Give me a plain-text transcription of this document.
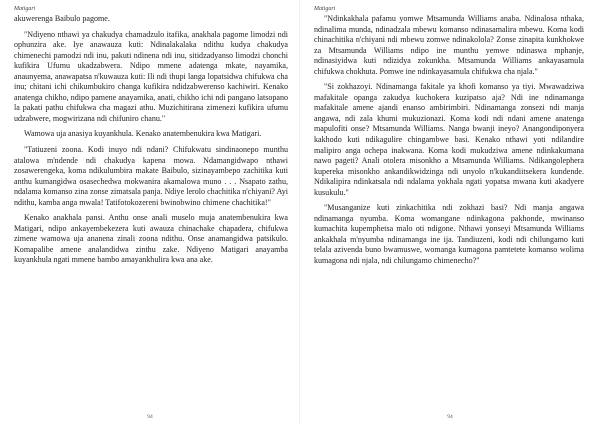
Matigari

akuwerenga Baibulo pagome.

"Ndiyeno nthawi ya chakudya chamadzulo itafika, anakhala pagome limodzi ndi ophunzira ake. Iye anawauza kuti: Ndinalakalaka ndithu kudya chakudya chimenechi pamodzi ndi inu, pakuti ndinena ndi inu, sitidzadyanso limodzi chonchi kufikira Ufumu ukadzabwera. Ndipo mmene adatenga mkate, nayamika, anaunyema, anawapatsa n'kuwauza kuti: Ili ndi thupi langa lopatsidwa chifukwa cha inu; chitani ichi chikumbukiro changa kufikira ndidzabwerenso kachiwiri. Kenako anatenga chikho, ndipo pamene anayamika, anati, chikho ichi ndi pangano latsopano la pakati pathu chifukwa cha magazi athu. Muzichitirana zimenezi kufikira ufumu udzabwere, mogwirizana ndi chifuniro chanu."

Wamowa uja anasiya kuyankhula. Kenako anatembenukira kwa Matigari.

"Tatiuzeni zoona. Kodi inuyo ndi ndani? Chifukwatu sindinaonepo munthu atalowa m'ndende ndi chakudya kapena mowa. Ndamangidwapo nthawi zosawerengeka, koma ndikulumbira makate Baibulo, sizinayambepo zachitika kuti anthu kumangidwa osasechedwa mokwanira akamalowa muno . . . Nsapato zathu, ndalama komanso zina zonse zimatsala panja. Ndiye lerolo chachitika n'chiyani? Ayi ndithu, kamba anga mwala! Tatifotokozereni bwinobwino chimene chachitika!"

Kenako anakhala pansi. Anthu onse anali muselo muja anatembenukira kwa Matigari, ndipo ankayembekezera kuti awauza chinachake chapadera, chifukwa zimene wamowa uja ananena zinali zoona ndithu. Onse anamangidwa patsikulo. Komapalibe amene analandidwa zinthu zake. Ndiyeno Matigari anayamba kuyankhula ngati mmene bambo amayankhulira kwa ana ake.

94
Matigari

"Ndinkakhala pafamu yomwe Mtsamunda Williams anaba. Ndinalosa nthaka, ndinalima munda, ndinadzala mbewu komanso ndinasamalira mbewu. Koma kodi chinachitika n'chiyani ndi mbewu zomwe ndinakolola? Zonse zinapita kunkhokwe za Mtsamunda Williams ndipo ine munthu yemwe ndinaswa mphanje, ndinasiyidwa kuti ndizidya zokunkha. Mtsamunda Williams ankayasamula chifukwa chokhuta. Pomwe ine ndinkayasamula chifukwa cha njala."

"Si zokhazoyi. Ndinamanga fakitale ya khofi komanso ya tiyi. Mwawadziwa mafakitale opanga zakudya kuchokera kuzipatso aja? Ndi ine ndinamanga mafakitale amene ajandi enanso ambirimbiri. Ndinamanga zonsezi ndi manja angawa, ndi zala khumi mukuzionazi. Koma kodi ndi ndani amene anatenga mapulofiti onse? Mtsamunda Williams. Nanga bwanji ineyo? Anangondiponyera kakhodo kuti ndikagulire chingambwe basi. Kenako nthawi yoti ndilandire malipiro anga ochepa inakwana. Koma kodi mukudziwa amene ndinkakumana nawo pageti? Anali otolera misonkho a Mtsamunda Williams. Ndikangolephera kupereka misonkho ankandikwidzinga ndi unyolo n'kukandiitsekera kundende. Ndikalipira ndinkatsala ndi ndalama yokhala ngati yopatsa mwana kuti akadyere kusukulu."

"Musanganize kuti zinkachitika ndi zokhazi basi? Ndi manja angawa ndinamanga nyumba. Koma womangane ndinkagona pakhonde, mwinanso kumachita kupemphetsa malo oti ndigone. Nthawi yonseyi Mtsamunda Williams ankakhala m'nyumba ndinamanga ine ija. Tandiuzeni, kodi ndi chilungamo kuti telala azivenda buno bwamuswe, womanga kumagona pamtetete komanso wolima kumagona ndi njala, ndi chilungamo chimenecho?"

94
